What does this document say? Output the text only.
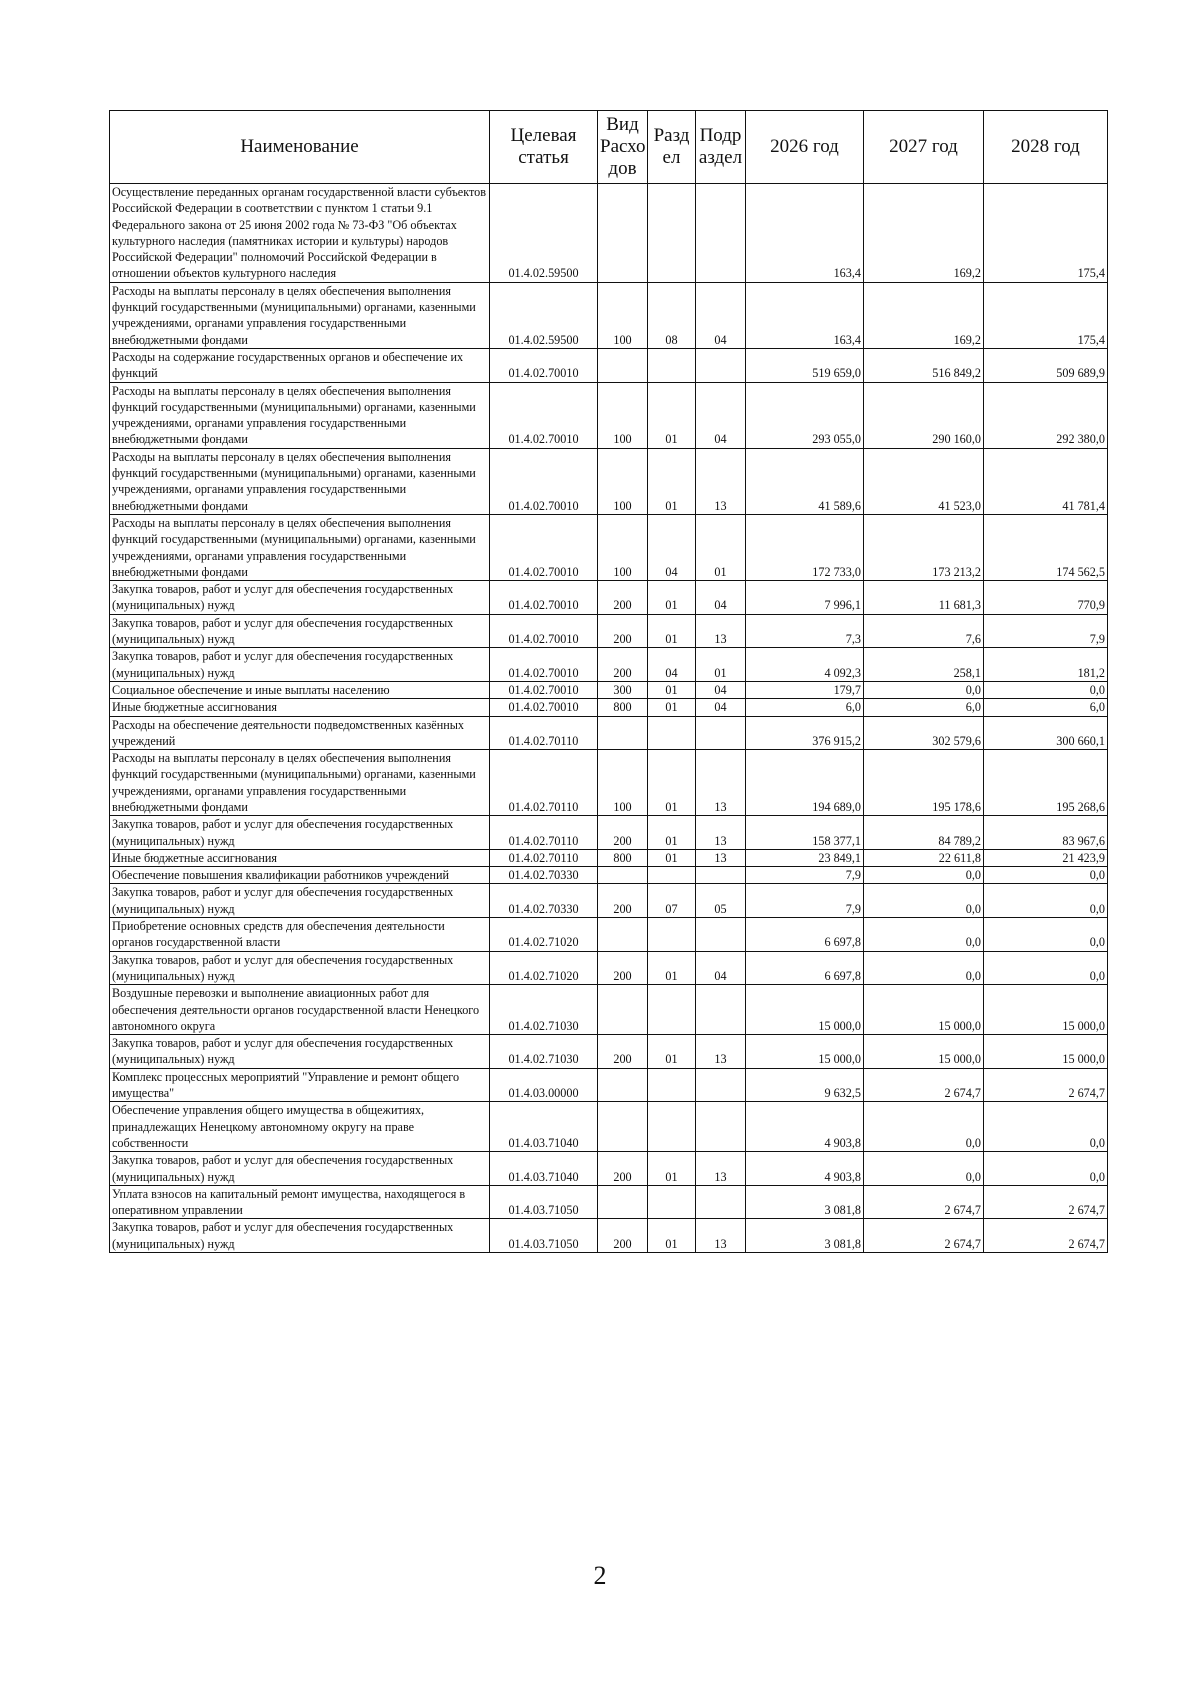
Наименование	Целевая статья	Вид Расхо дов	Разд ел	Подр аздел	2026 год	2027 год	2028 год
Осуществление переданных органам государственной власти субъектов Российской Федерации в соответствии с пунктом 1 статьи 9.1 Федерального закона от 25 июня 2002 года № 73-ФЗ "Об объектах культурного наследия (памятниках истории и культуры) народов Российской Федерации" полномочий Российской Федерации в отношении объектов культурного наследия	01.4.02.59500				163,4	169,2	175,4
Расходы на выплаты персоналу в целях обеспечения выполнения функций государственными (муниципальными) органами, казенными учреждениями, органами управления государственными внебюджетными фондами	01.4.02.59500	100	08	04	163,4	169,2	175,4
Расходы на содержание государственных органов и обеспечение их функций	01.4.02.70010				519 659,0	516 849,2	509 689,9
Расходы на выплаты персоналу в целях обеспечения выполнения функций государственными (муниципальными) органами, казенными учреждениями, органами управления государственными внебюджетными фондами	01.4.02.70010	100	01	04	293 055,0	290 160,0	292 380,0
Расходы на выплаты персоналу в целях обеспечения выполнения функций государственными (муниципальными) органами, казенными учреждениями, органами управления государственными внебюджетными фондами	01.4.02.70010	100	01	13	41 589,6	41 523,0	41 781,4
Расходы на выплаты персоналу в целях обеспечения выполнения функций государственными (муниципальными) органами, казенными учреждениями, органами управления государственными внебюджетными фондами	01.4.02.70010	100	04	01	172 733,0	173 213,2	174 562,5
Закупка товаров, работ и услуг для обеспечения государственных (муниципальных) нужд	01.4.02.70010	200	01	04	7 996,1	11 681,3	770,9
Закупка товаров, работ и услуг для обеспечения государственных (муниципальных) нужд	01.4.02.70010	200	01	13	7,3	7,6	7,9
Закупка товаров, работ и услуг для обеспечения государственных (муниципальных) нужд	01.4.02.70010	200	04	01	4 092,3	258,1	181,2
Социальное обеспечение и иные выплаты населению	01.4.02.70010	300	01	04	179,7	0,0	0,0
Иные бюджетные ассигнования	01.4.02.70010	800	01	04	6,0	6,0	6,0
Расходы на обеспечение деятельности подведомственных казённых учреждений	01.4.02.70110				376 915,2	302 579,6	300 660,1
Расходы на выплаты персоналу в целях обеспечения выполнения функций государственными (муниципальными) органами, казенными учреждениями, органами управления государственными внебюджетными фондами	01.4.02.70110	100	01	13	194 689,0	195 178,6	195 268,6
Закупка товаров, работ и услуг для обеспечения государственных (муниципальных) нужд	01.4.02.70110	200	01	13	158 377,1	84 789,2	83 967,6
Иные бюджетные ассигнования	01.4.02.70110	800	01	13	23 849,1	22 611,8	21 423,9
Обеспечение повышения квалификации работников учреждений	01.4.02.70330				7,9	0,0	0,0
Закупка товаров, работ и услуг для обеспечения государственных (муниципальных) нужд	01.4.02.70330	200	07	05	7,9	0,0	0,0
Приобретение основных средств для обеспечения деятельности органов государственной власти	01.4.02.71020				6 697,8	0,0	0,0
Закупка товаров, работ и услуг для обеспечения государственных (муниципальных) нужд	01.4.02.71020	200	01	04	6 697,8	0,0	0,0
Воздушные перевозки и выполнение авиационных работ для обеспечения деятельности органов государственной власти Ненецкого автономного округа	01.4.02.71030				15 000,0	15 000,0	15 000,0
Закупка товаров, работ и услуг для обеспечения государственных (муниципальных) нужд	01.4.02.71030	200	01	13	15 000,0	15 000,0	15 000,0
Комплекс процессных мероприятий "Управление и ремонт общего имущества"	01.4.03.00000				9 632,5	2 674,7	2 674,7
Обеспечение управления общего имущества в общежитиях, принадлежащих Ненецкому автономному округу на праве собственности	01.4.03.71040				4 903,8	0,0	0,0
Закупка товаров, работ и услуг для обеспечения государственных (муниципальных) нужд	01.4.03.71040	200	01	13	4 903,8	0,0	0,0
Уплата взносов на капитальный ремонт имущества, находящегося в оперативном управлении	01.4.03.71050				3 081,8	2 674,7	2 674,7
Закупка товаров, работ и услуг для обеспечения государственных (муниципальных) нужд	01.4.03.71050	200	01	13	3 081,8	2 674,7	2 674,7
2
